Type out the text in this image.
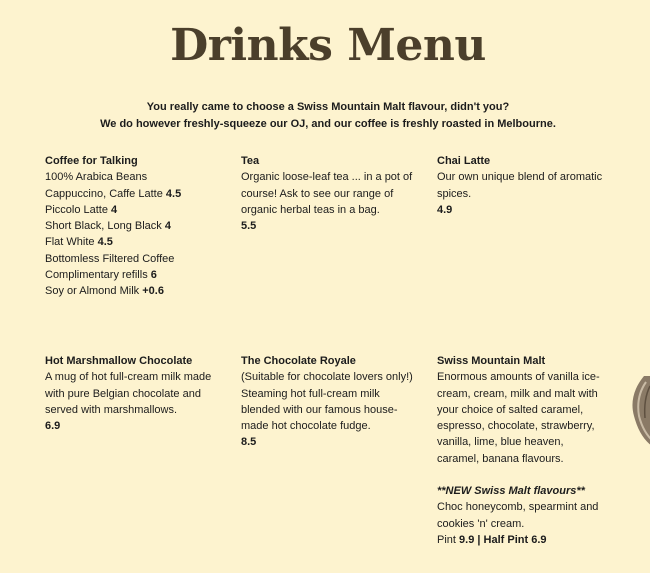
Drinks Menu
You really came to choose a Swiss Mountain Malt flavour, didn't you?
We do however freshly-squeeze our OJ, and our coffee is freshly roasted in Melbourne.
Coffee for Talking
100% Arabica Beans
Cappuccino, Caffe Latte 4.5
Piccolo Latte 4
Short Black, Long Black 4
Flat White 4.5
Bottomless Filtered Coffee
Complimentary refills 6
Soy or Almond Milk +0.6
Tea
Organic loose-leaf tea ... in a pot of
course! Ask to see our range of
organic herbal teas in a bag.
5.5
Chai Latte
Our own unique blend of aromatic
spices.
4.9
Hot Marshmallow Chocolate
A mug of hot full-cream milk made
with pure Belgian chocolate and
served with marshmallows.
6.9
The Chocolate Royale
(Suitable for chocolate lovers only!)
Steaming hot full-cream milk
blended with our famous house-
made hot chocolate fudge.
8.5
Swiss Mountain Malt
Enormous amounts of vanilla ice-
cream, cream, milk and malt with
your choice of salted caramel,
espresso, chocolate, strawberry,
vanilla, lime, blue heaven,
caramel, banana flavours.
**NEW Swiss Malt flavours**
Choc honeycomb, spearmint and
cookies 'n' cream.
Pint 9.9 | Half Pint 6.9
